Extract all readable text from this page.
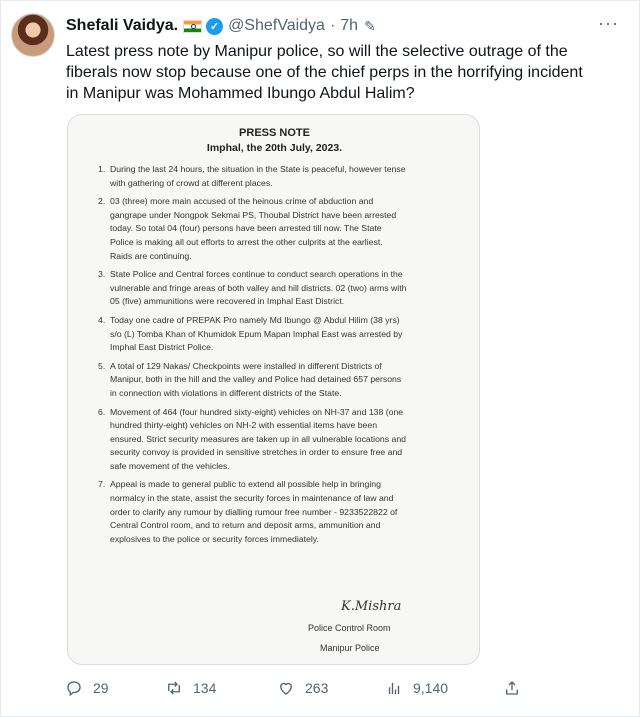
Shefali Vaidya.	✓ @ShefVaidya · 7h ✎	···
Latest press note by Manipur police, so will the selective outrage of the
fiberals now stop because one of the chief perps in the horrifying incident
in Manipur was Mohammed Ibungo Abdul Halim?
PRESS NOTE
Imphal, the 20th July, 2023.
1. During the last 24 hours, the situation in the State is peaceful, however tense
with gathering of crowd at different places.
2. 03 (three) more main accused of the heinous crime of abduction and
gangrape under Nongpok Sekmai PS, Thoubal District have been arrested
today. So total 04 (four) persons have been arrested till now. The State
Police is making all out efforts to arrest the other culprits at the earliest.
Raids are continuing.
3. State Police and Central forces continue to conduct search operations in the
vulnerable and fringe areas of both valley and hill districts. 02 (two) arms with
05 (five) ammunitions were recovered in Imphal East District.
4. Today one cadre of PREPAK Pro namely Md Ibungo @ Abdul Hilim (38 yrs)
s/o (L) Tomba Khan of Khumidok Epum Mapan Imphal East was arrested by
Imphal East District Police.
5. A total of 129 Nakas/ Checkpoints were installed in different Districts of
Manipur, both in the hill and the valley and Police had detained 657 persons
in connection with violations in different districts of the State.
6. Movement of 464 (four hundred sixty-eight) vehicles on NH-37 and 138 (one
hundred thirty-eight) vehicles on NH-2 with essential items have been
ensured. Strict security measures are taken up in all vulnerable locations and
security convoy is provided in sensitive stretches in order to ensure free and
safe movement of the vehicles.
7. Appeal is made to general public to extend all possible help in bringing
normalcy in the state, assist the security forces in maintenance of law and
order to clarify any rumour by dialling rumour free number - 9233522822 of
Central Control room, and to return and deposit arms, ammunition and
explosives to the police or security forces immediately.
K.Mishra
Police Control Room
Manipur Police
29	134	263	9,140
